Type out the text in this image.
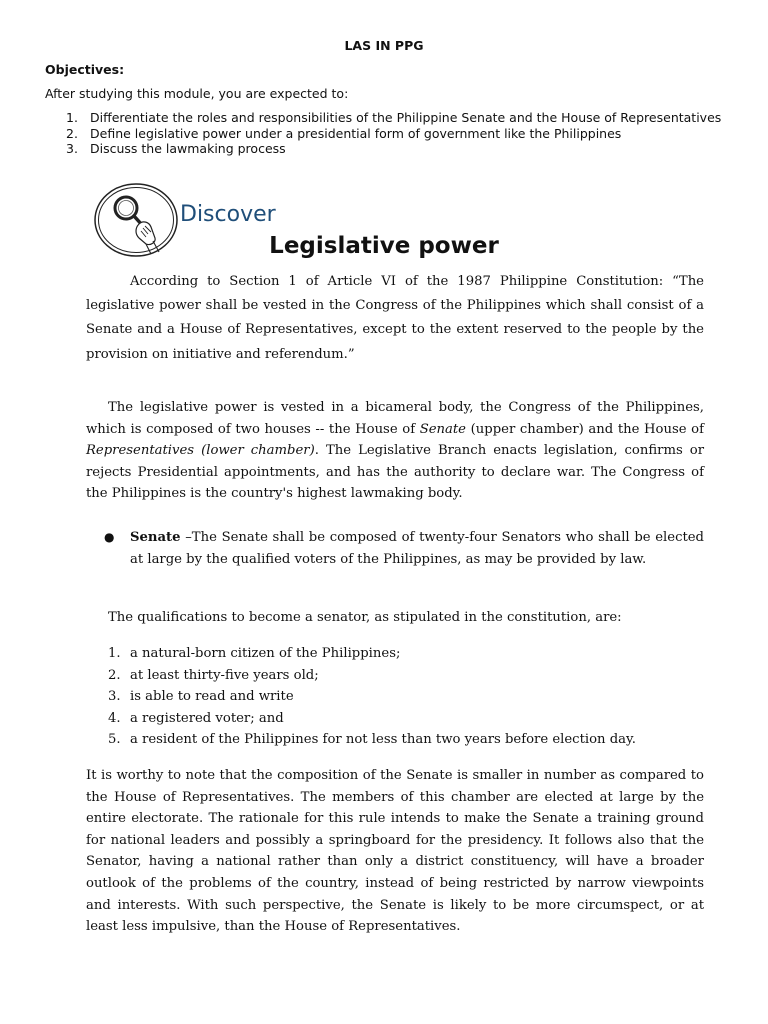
LAS IN PPG
Objectives:
After studying this module, you are expected to:
1. Differentiate the roles and responsibilities of the Philippine Senate and the House of Representatives
2. Define legislative power under a presidential form of government like the Philippines
3. Discuss the lawmaking process
Discover
Legislative power
According to Section 1 of Article VI of the 1987 Philippine Constitution: “The legislative power shall be vested in the Congress of the Philippines which shall consist of a Senate and a House of Representatives, except to the extent reserved to the people by the provision on initiative and referendum.”
The legislative power is vested in a bicameral body, the Congress of the Philippines, which is composed of two houses -- the House of Senate (upper chamber) and the House of Representatives (lower chamber). The Legislative Branch enacts legislation, confirms or rejects Presidential appointments, and has the authority to declare war. The Congress of the Philippines is the country's highest lawmaking body.
●	Senate –The Senate shall be composed of twenty-four Senators who shall be elected at large by the qualified voters of the Philippines, as may be provided by law.
The qualifications to become a senator, as stipulated in the constitution, are:
1. a natural-born citizen of the Philippines;
2. at least thirty-five years old;
3. is able to read and write
4. a registered voter; and
5. a resident of the Philippines for not less than two years before election day.
It is worthy to note that the composition of the Senate is smaller in number as compared to the House of Representatives. The members of this chamber are elected at large by the entire electorate. The rationale for this rule intends to make the Senate a training ground for national leaders and possibly a springboard for the presidency. It follows also that the Senator, having a national rather than only a district constituency, will have a broader outlook of the problems of the country, instead of being restricted by narrow viewpoints and interests. With such perspective, the Senate is likely to be more circumspect, or at least less impulsive, than the House of Representatives.
